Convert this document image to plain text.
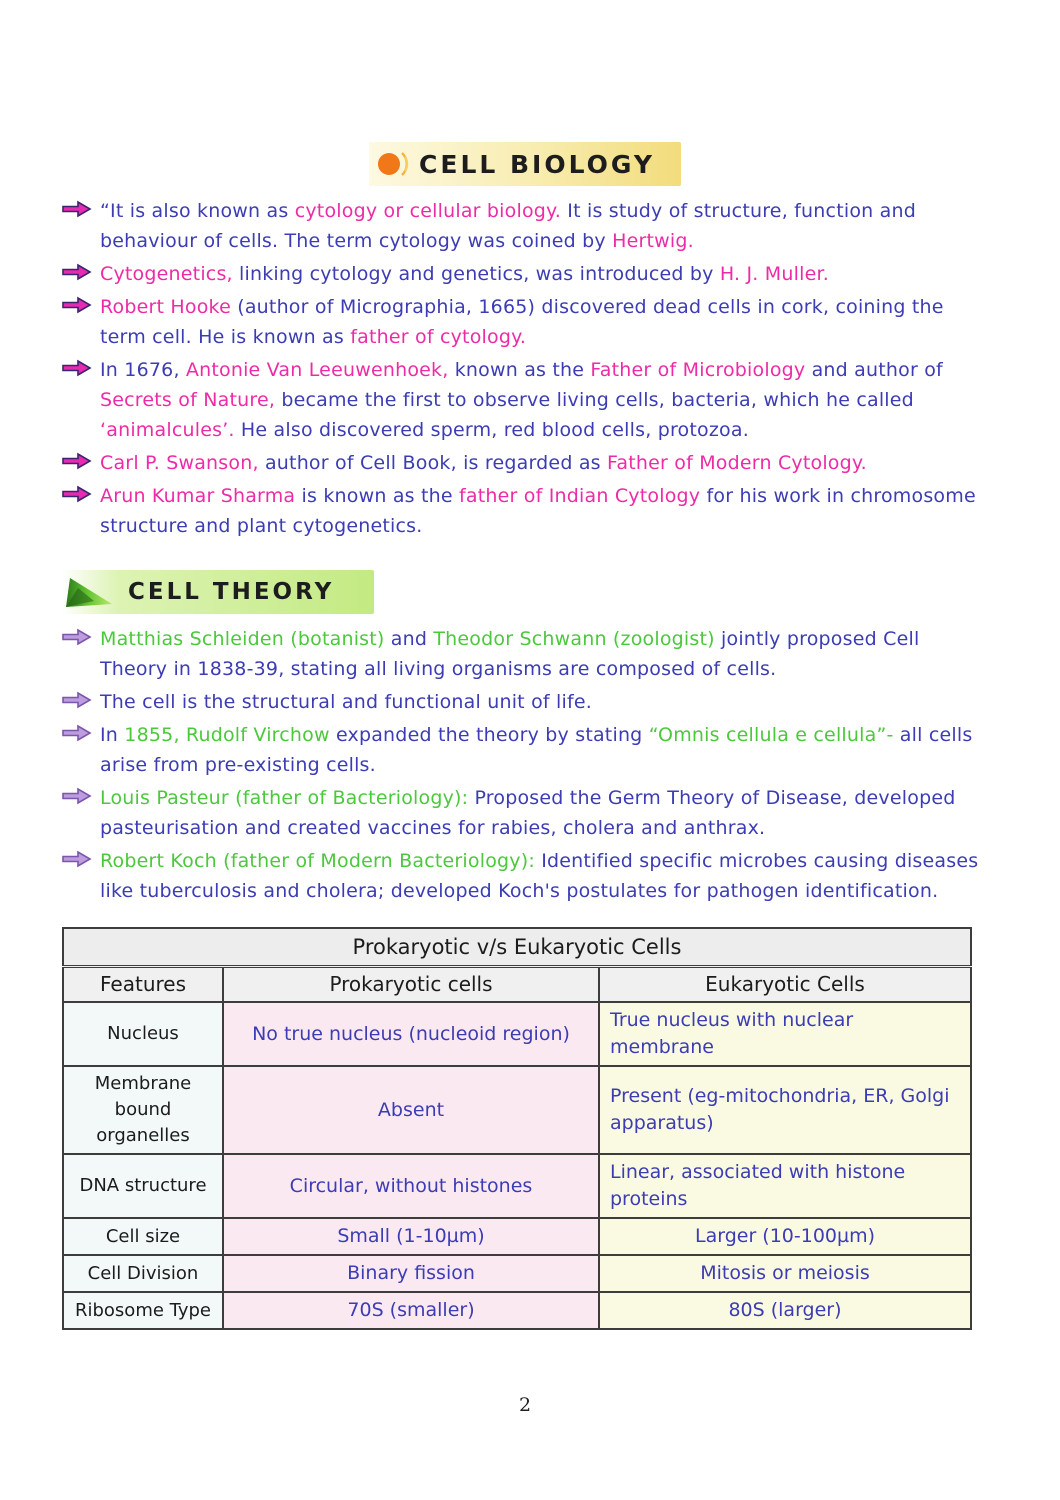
CELL BIOLOGY

“It is also known as cytology or cellular biology. It is study of structure, function and behaviour of cells. The term cytology was coined by Hertwig.

Cytogenetics, linking cytology and genetics, was introduced by H. J. Muller.

Robert Hooke (author of Micrographia, 1665) discovered dead cells in cork, coining the term cell. He is known as father of cytology.

In 1676, Antonie Van Leeuwenhoek, known as the Father of Microbiology and author of Secrets of Nature, became the first to observe living cells, bacteria, which he called ‘animalcules’. He also discovered sperm, red blood cells, protozoa.

Carl P. Swanson, author of Cell Book, is regarded as Father of Modern Cytology.

Arun Kumar Sharma is known as the father of Indian Cytology for his work in chromosome structure and plant cytogenetics.

CELL THEORY

Matthias Schleiden (botanist) and Theodor Schwann (zoologist) jointly proposed Cell Theory in 1838-39, stating all living organisms are composed of cells.

The cell is the structural and functional unit of life.

In 1855, Rudolf Virchow expanded the theory by stating “Omnis cellula e cellula”- all cells arise from pre-existing cells.

Louis Pasteur (father of Bacteriology): Proposed the Germ Theory of Disease, developed pasteurisation and created vaccines for rabies, cholera and anthrax.

Robert Koch (father of Modern Bacteriology): Identified specific microbes causing diseases like tuberculosis and cholera; developed Koch's postulates for pathogen identification.

Prokaryotic v/s Eukaryotic Cells		
Features	Prokaryotic cells	Eukaryotic Cells
Nucleus	No true nucleus (nucleoid region)	True nucleus with nuclear membrane
Membrane bound organelles	Absent	Present (eg-mitochondria, ER, Golgi apparatus)
DNA structure	Circular, without histones	Linear, associated with histone proteins
Cell size	Small (1-10µm)	Larger (10-100µm)
Cell Division	Binary fission	Mitosis or meiosis
Ribosome Type	70S (smaller)	80S (larger)
2
